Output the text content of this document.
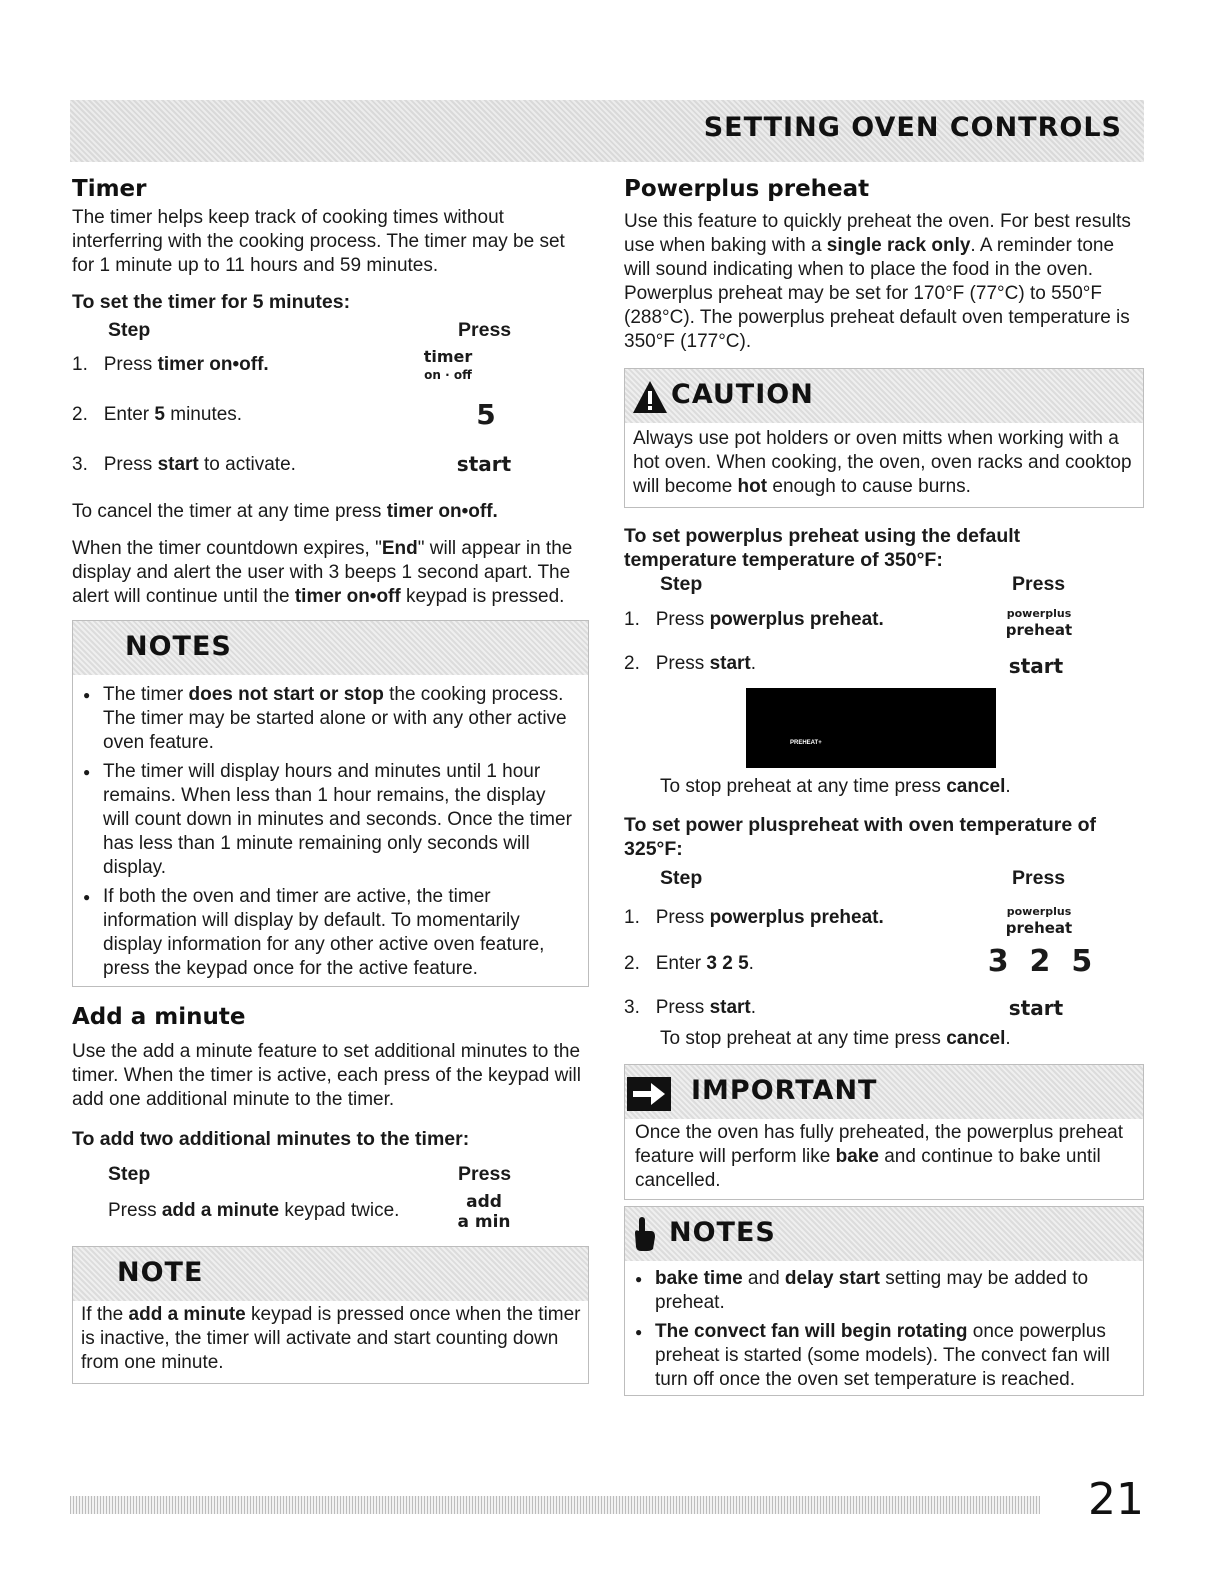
SETTING OVEN CONTROLS
Timer

The timer helps keep track of cooking times without interferring with the cooking process. The timer may be set for 1 minute up to 11 hours and 59 minutes.

To set the timer for 5 minutes:
Step	Press
1. Press timer on•off.	timer
on · off
2. Enter 5 minutes.	5
3. Press start to activate.	start
To cancel the timer at any time press timer on•off.
When the timer countdown expires, "End" will appear in the display and alert the user with 3 beeps 1 second apart. The alert will continue until the timer on•off keypad is pressed.
NOTES
● The timer does not start or stop the cooking process. The timer may be started alone or with any other active oven feature.
● The timer will display hours and minutes until 1 hour remains. When less than 1 hour remains, the display will count down in minutes and seconds. Once the timer has less than 1 minute remaining only seconds will display.
● If both the oven and timer are active, the timer information will display by default. To momentarily display information for any other active oven feature, press the keypad once for the active feature.
Add a minute

Use the add a minute feature to set additional minutes to the timer. When the timer is active, each press of the keypad will add one additional minute to the timer.

To add two additional minutes to the timer:
Step	Press
Press add a minute keypad twice.	add
a min
NOTE

If the add a minute keypad is pressed once when the timer is inactive, the timer will activate and start counting down from one minute.

Powerplus preheat

Use this feature to quickly preheat the oven. For best results use when baking with a single rack only. A reminder tone will sound indicating when to place the food in the oven. Powerplus preheat may be set for 170°F (77°C) to 550°F (288°C). The powerplus preheat default oven temperature is 350°F (177°C).

CAUTION

Always use pot holders or oven mitts when working with a hot oven. When cooking, the oven, oven racks and cooktop will become hot enough to cause burns.

To set powerplus preheat using the default temperature temperature of 350°F:
Step	Press
1. Press powerplus preheat.	powerplus
preheat
2. Press start.	start
PREHEAT+
To stop preheat at any time press cancel.
To set power pluspreheat with oven temperature of 325°F:
Step	Press
1. Press powerplus preheat.	powerplus
preheat
2. Enter 3 2 5.	3  2  5
3. Press start.	start
To stop preheat at any time press cancel.
IMPORTANT

Once the oven has fully preheated, the powerplus preheat feature will perform like bake and continue to bake until cancelled.

NOTES
● bake time and delay start setting may be added to preheat.
● The convect fan will begin rotating once powerplus preheat is started (some models). The convect fan will turn off once the oven set temperature is reached.
21
